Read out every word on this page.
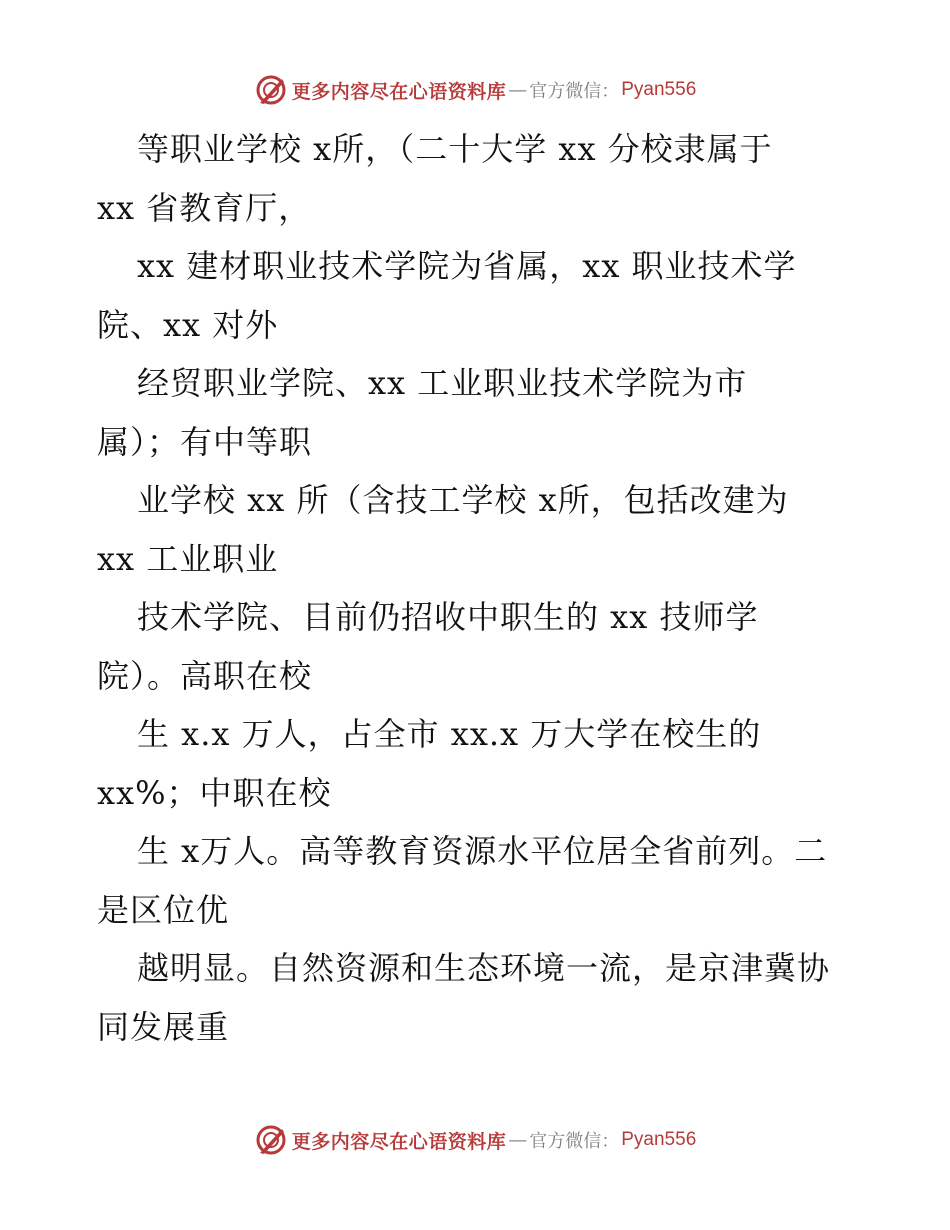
更多内容尽在心语资料库 — 官方微信： Pyan556
等职业学校 x所，（二十大学 xx 分校隶属于
xx 省教育厅，
xx 建材职业技术学院为省属，xx 职业技术学
院、xx 对外
经贸职业学院、xx 工业职业技术学院为市
属）；有中等职
业学校 xx 所（含技工学校 x所，包括改建为
xx 工业职业
技术学院、目前仍招收中职生的 xx 技师学
院）。高职在校
生 x.x 万人，占全市 xx.x 万大学在校生的
xx%；中职在校
生 x万人。高等教育资源水平位居全省前列。二
是区位优
越明显。自然资源和生态环境一流，是京津冀协
同发展重
更多内容尽在心语资料库 — 官方微信： Pyan556
